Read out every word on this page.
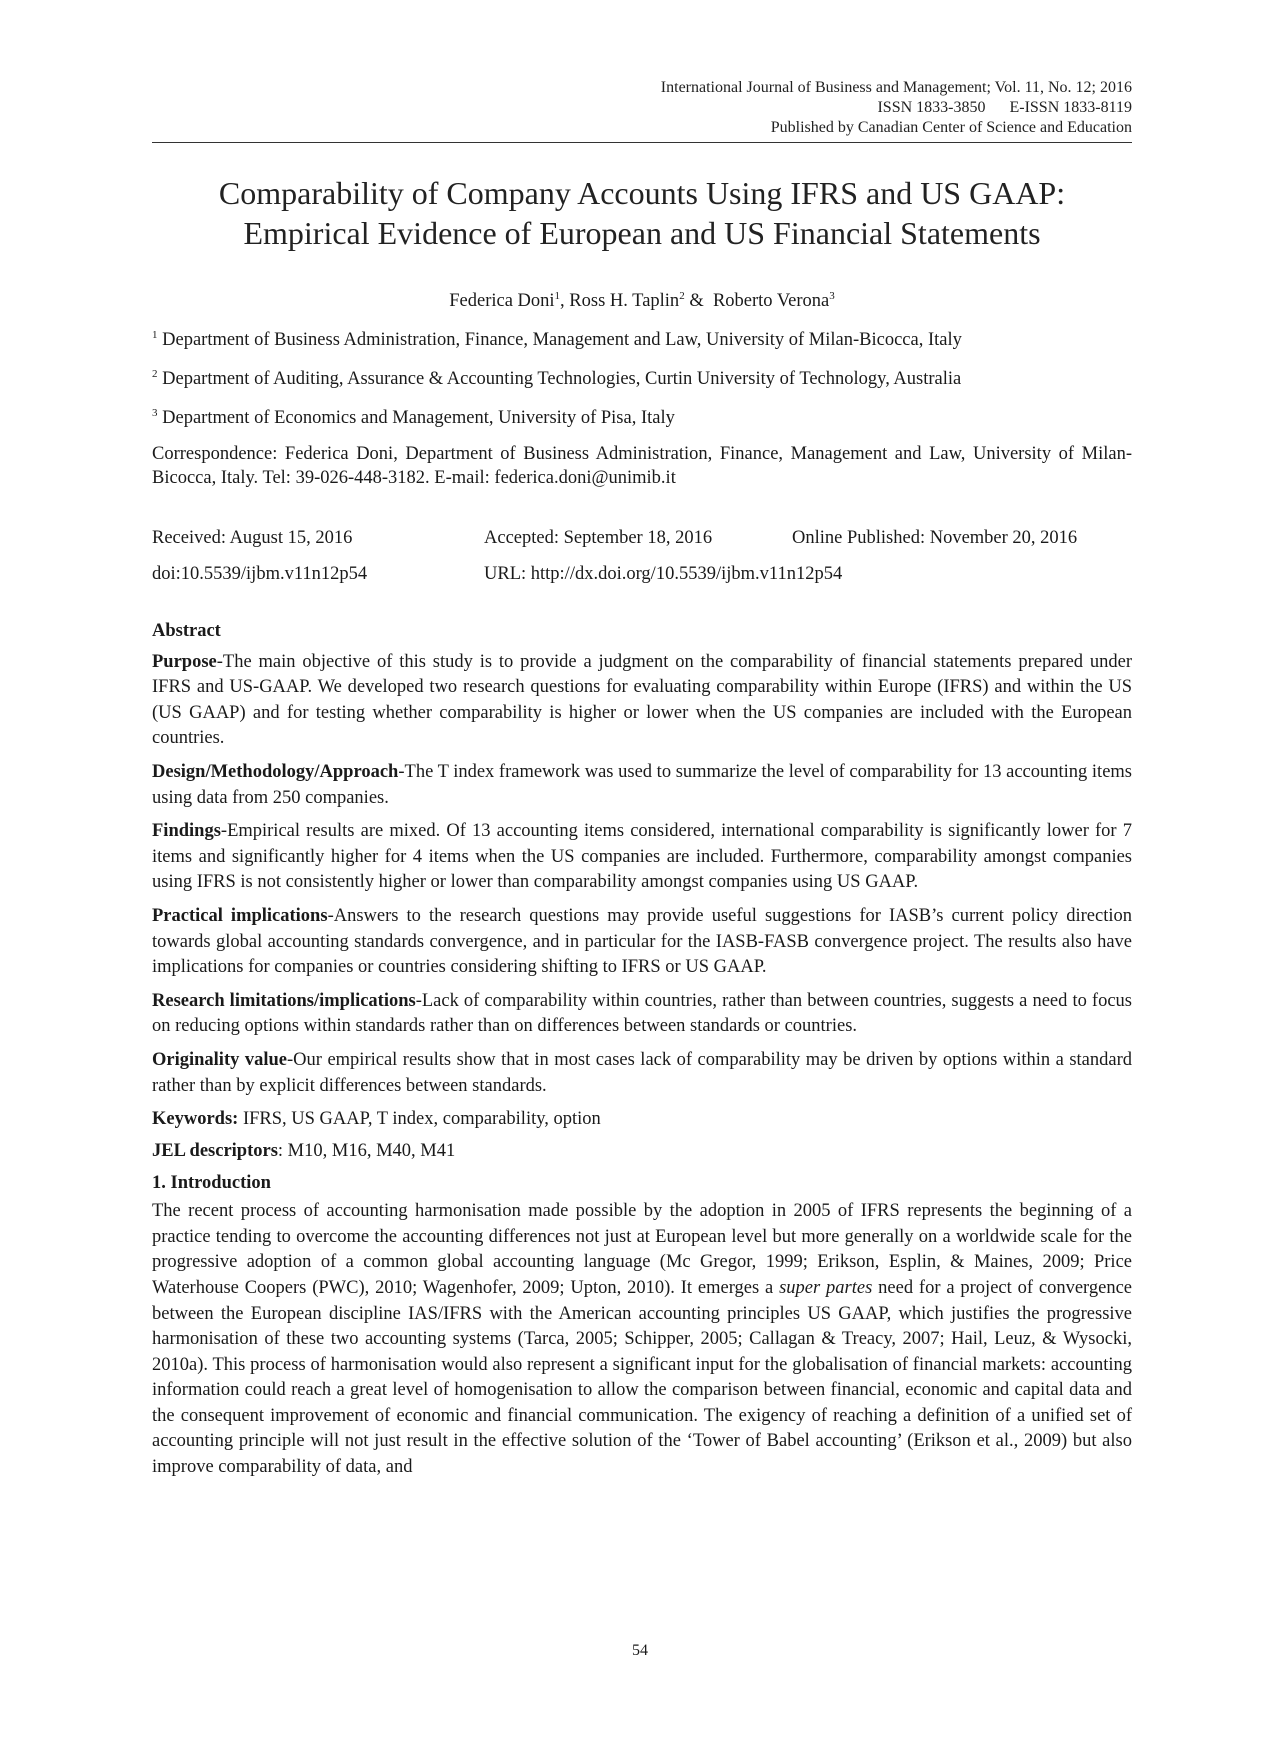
International Journal of Business and Management; Vol. 11, No. 12; 2016
ISSN 1833-3850      E-ISSN 1833-8119
Published by Canadian Center of Science and Education
Comparability of Company Accounts Using IFRS and US GAAP:
Empirical Evidence of European and US Financial Statements
Federica Doni$^1$, Ross H. Taplin$^2$ &  Roberto Verona$^3$
$^1$ Department of Business Administration, Finance, Management and Law, University of Milan-Bicocca, Italy
$^2$ Department of Auditing, Assurance & Accounting Technologies, Curtin University of Technology, Australia
$^3$ Department of Economics and Management, University of Pisa, Italy
Correspondence: Federica Doni, Department of Business Administration, Finance, Management and Law, University of Milan-Bicocca, Italy. Tel: 39-026-448-3182. E-mail: federica.doni@unimib.it
Received: August 15, 2016	Accepted: September 18, 2016	Online Published: November 20, 2016
doi:10.5539/ijbm.v11n12p54	URL: http://dx.doi.org/10.5539/ijbm.v11n12p54
Abstract
Purpose-The main objective of this study is to provide a judgment on the comparability of financial statements prepared under IFRS and US-GAAP. We developed two research questions for evaluating comparability within Europe (IFRS) and within the US (US GAAP) and for testing whether comparability is higher or lower when the US companies are included with the European countries.
Design/Methodology/Approach-The T index framework was used to summarize the level of comparability for 13 accounting items using data from 250 companies.
Findings-Empirical results are mixed. Of 13 accounting items considered, international comparability is significantly lower for 7 items and significantly higher for 4 items when the US companies are included. Furthermore, comparability amongst companies using IFRS is not consistently higher or lower than comparability amongst companies using US GAAP.
Practical implications-Answers to the research questions may provide useful suggestions for IASB’s current policy direction towards global accounting standards convergence, and in particular for the IASB-FASB convergence project. The results also have implications for companies or countries considering shifting to IFRS or US GAAP.
Research limitations/implications-Lack of comparability within countries, rather than between countries, suggests a need to focus on reducing options within standards rather than on differences between standards or countries.
Originality value-Our empirical results show that in most cases lack of comparability may be driven by options within a standard rather than by explicit differences between standards.
Keywords: IFRS, US GAAP, T index, comparability, option
JEL descriptors: M10, M16, M40, M41
1. Introduction
The recent process of accounting harmonisation made possible by the adoption in 2005 of IFRS represents the beginning of a practice tending to overcome the accounting differences not just at European level but more generally on a worldwide scale for the progressive adoption of a common global accounting language (Mc Gregor, 1999; Erikson, Esplin, & Maines, 2009; Price Waterhouse Coopers (PWC), 2010; Wagenhofer, 2009; Upton, 2010). It emerges a super partes need for a project of convergence between the European discipline IAS/IFRS with the American accounting principles US GAAP, which justifies the progressive harmonisation of these two accounting systems (Tarca, 2005; Schipper, 2005; Callagan & Treacy, 2007; Hail, Leuz, & Wysocki, 2010a). This process of harmonisation would also represent a significant input for the globalisation of financial markets: accounting information could reach a great level of homogenisation to allow the comparison between financial, economic and capital data and the consequent improvement of economic and financial communication. The exigency of reaching a definition of a unified set of accounting principle will not just result in the effective solution of the ‘Tower of Babel accounting’ (Erikson et al., 2009) but also improve comparability of data, and
54
